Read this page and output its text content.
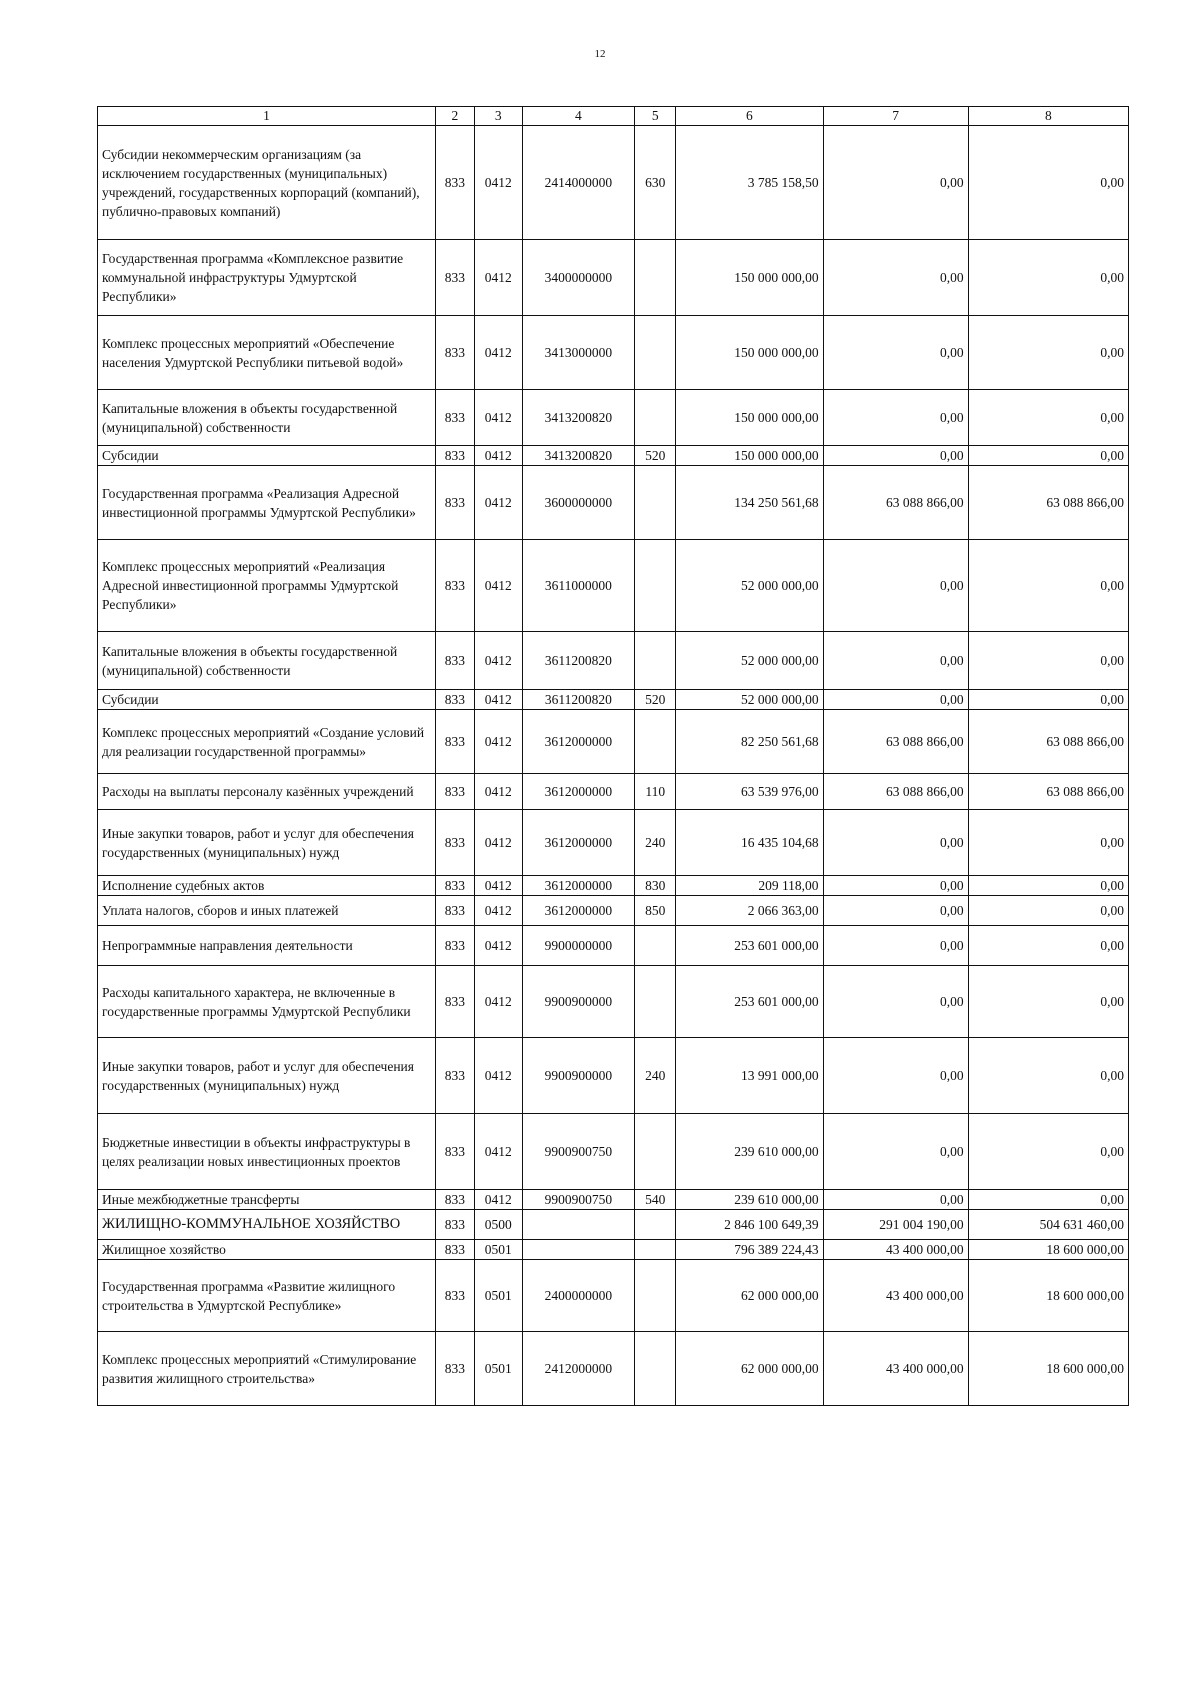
12
1	2	3	4	5	6	7	8
Субсидии некоммерческим организациям (за исключением государственных (муниципальных) учреждений, государственных корпораций (компаний), публично-правовых компаний)	833	0412	2414000000	630	3 785 158,50	0,00	0,00
Государственная программа «Комплексное развитие коммунальной инфраструктуры Удмуртской Республики»	833	0412	3400000000		150 000 000,00	0,00	0,00
Комплекс процессных мероприятий «Обеспечение населения Удмуртской Республики питьевой водой»	833	0412	3413000000		150 000 000,00	0,00	0,00
Капитальные вложения в объекты государственной (муниципальной) собственности	833	0412	3413200820		150 000 000,00	0,00	0,00
Субсидии	833	0412	3413200820	520	150 000 000,00	0,00	0,00
Государственная программа «Реализация Адресной инвестиционной программы Удмуртской Республики»	833	0412	3600000000		134 250 561,68	63 088 866,00	63 088 866,00
Комплекс процессных мероприятий «Реализация Адресной инвестиционной программы Удмуртской Республики»	833	0412	3611000000		52 000 000,00	0,00	0,00
Капитальные вложения в объекты государственной (муниципальной) собственности	833	0412	3611200820		52 000 000,00	0,00	0,00
Субсидии	833	0412	3611200820	520	52 000 000,00	0,00	0,00
Комплекс процессных мероприятий «Создание условий для реализации государственной программы»	833	0412	3612000000		82 250 561,68	63 088 866,00	63 088 866,00
Расходы на выплаты персоналу казённых учреждений	833	0412	3612000000	110	63 539 976,00	63 088 866,00	63 088 866,00
Иные закупки товаров, работ и услуг для обеспечения государственных (муниципальных) нужд	833	0412	3612000000	240	16 435 104,68	0,00	0,00
Исполнение судебных актов	833	0412	3612000000	830	209 118,00	0,00	0,00
Уплата налогов, сборов и иных платежей	833	0412	3612000000	850	2 066 363,00	0,00	0,00
Непрограммные направления деятельности	833	0412	9900000000		253 601 000,00	0,00	0,00
Расходы капитального характера, не включенные в государственные программы Удмуртской Республики	833	0412	9900900000		253 601 000,00	0,00	0,00
Иные закупки товаров, работ и услуг для обеспечения государственных (муниципальных) нужд	833	0412	9900900000	240	13 991 000,00	0,00	0,00
Бюджетные инвестиции в объекты инфраструктуры в целях реализации новых инвестиционных проектов	833	0412	9900900750		239 610 000,00	0,00	0,00
Иные межбюджетные трансферты	833	0412	9900900750	540	239 610 000,00	0,00	0,00
ЖИЛИЩНО-КОММУНАЛЬНОЕ ХОЗЯЙСТВО	833	0500			2 846 100 649,39	291 004 190,00	504 631 460,00
Жилищное хозяйство	833	0501			796 389 224,43	43 400 000,00	18 600 000,00
Государственная программа «Развитие жилищного строительства в Удмуртской Республике»	833	0501	2400000000		62 000 000,00	43 400 000,00	18 600 000,00
Комплекс процессных мероприятий «Стимулирование развития жилищного строительства»	833	0501	2412000000		62 000 000,00	43 400 000,00	18 600 000,00
